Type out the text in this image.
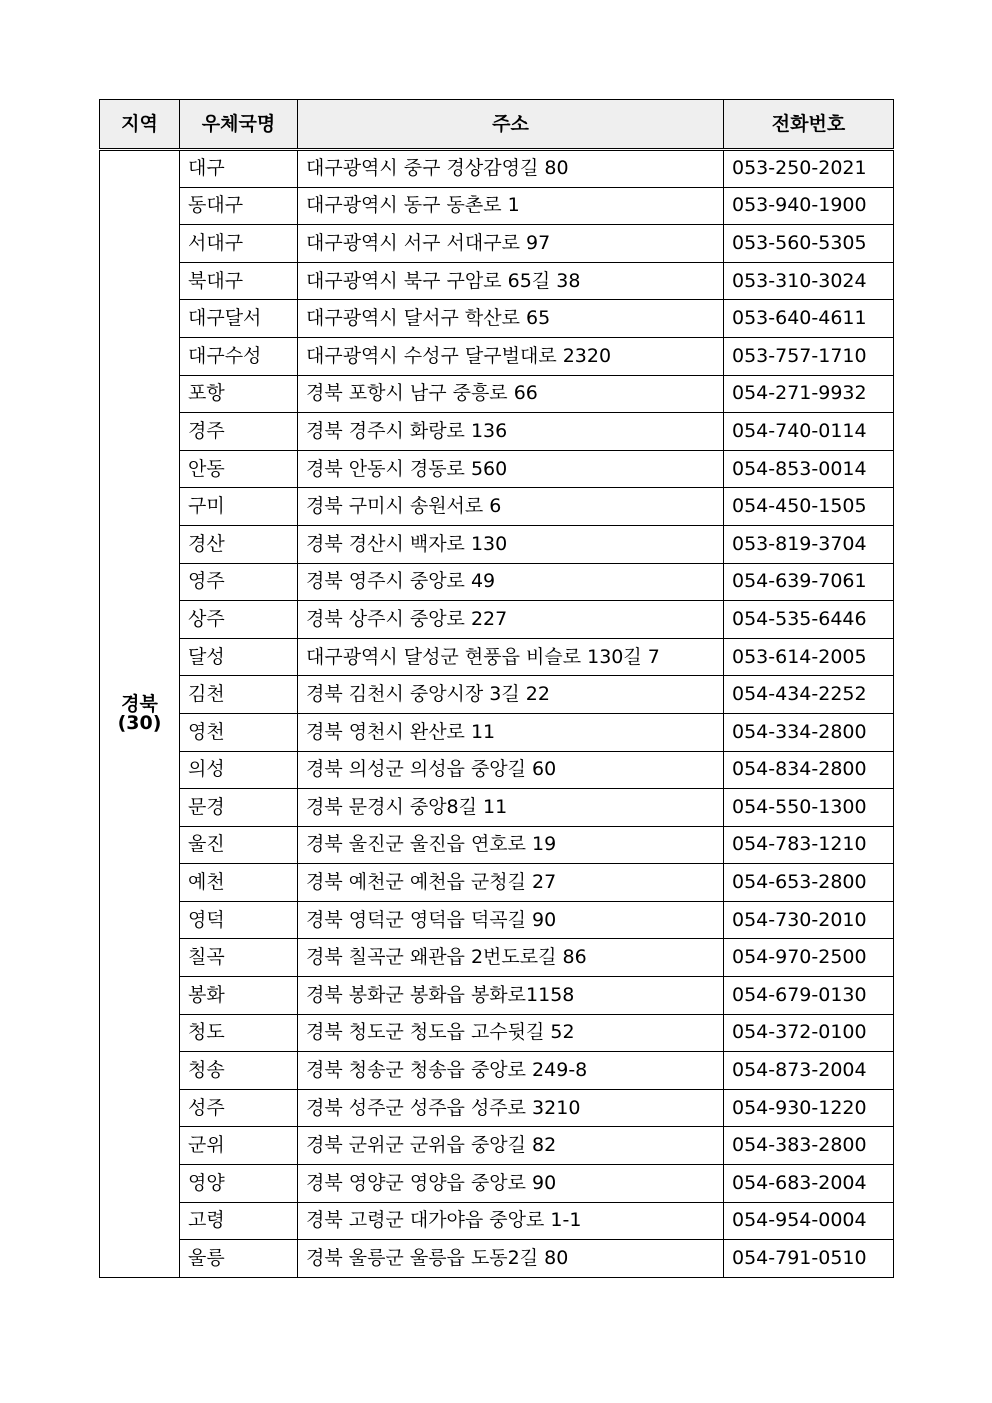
지역	우체국명	주소	전화번호

경북
(30)	대구	대구광역시 중구 경상감영길 80	053-250-2021
	동대구	대구광역시 동구 동촌로 1	053-940-1900
	서대구	대구광역시 서구 서대구로 97	053-560-5305
	북대구	대구광역시 북구 구암로 65길 38	053-310-3024
	대구달서	대구광역시 달서구 학산로 65	053-640-4611
	대구수성	대구광역시 수성구 달구벌대로 2320	053-757-1710
	포항	경북 포항시 남구 중흥로 66	054-271-9932
	경주	경북 경주시 화랑로 136	054-740-0114
	안동	경북 안동시 경동로 560	054-853-0014
	구미	경북 구미시 송원서로 6	054-450-1505
	경산	경북 경산시 백자로 130	053-819-3704
	영주	경북 영주시 중앙로 49	054-639-7061
	상주	경북 상주시 중앙로 227	054-535-6446
	달성	대구광역시 달성군 현풍읍 비슬로 130길 7	053-614-2005
	김천	경북 김천시 중앙시장 3길 22	054-434-2252
	영천	경북 영천시 완산로 11	054-334-2800
	의성	경북 의성군 의성읍 중앙길 60	054-834-2800
	문경	경북 문경시 중앙8길 11	054-550-1300
	울진	경북 울진군 울진읍 연호로 19	054-783-1210
	예천	경북 예천군 예천읍 군청길 27	054-653-2800
	영덕	경북 영덕군 영덕읍 덕곡길 90	054-730-2010
	칠곡	경북 칠곡군 왜관읍 2번도로길 86	054-970-2500
	봉화	경북 봉화군 봉화읍 봉화로1158	054-679-0130
	청도	경북 청도군 청도읍 고수뒷길 52	054-372-0100
	청송	경북 청송군 청송읍 중앙로 249-8	054-873-2004
	성주	경북 성주군 성주읍 성주로 3210	054-930-1220
	군위	경북 군위군 군위읍 중앙길 82	054-383-2800
	영양	경북 영양군 영양읍 중앙로 90	054-683-2004
	고령	경북 고령군 대가야읍 중앙로 1-1	054-954-0004
	울릉	경북 울릉군 울릉읍 도동2길 80	054-791-0510
